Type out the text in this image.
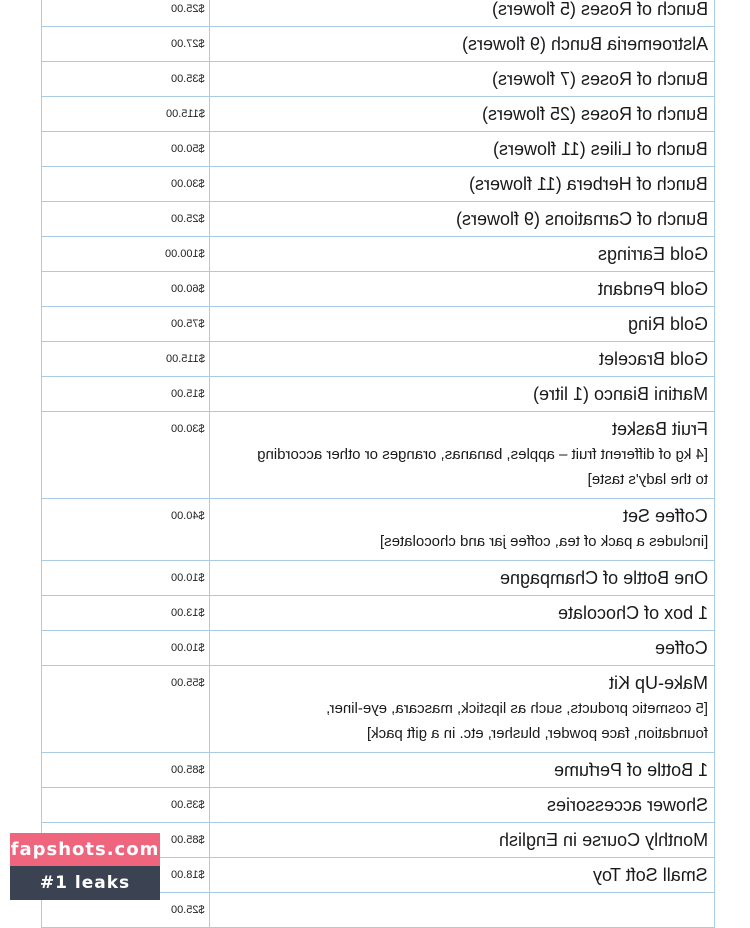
$25.00	Bunch of Roses (5 flowers)
$27.00	Alstroemeria Bunch (9 flowers)
$35.00	Bunch of Roses (7 flowers)
$115.00	Bunch of Roses (25 flowers)
$50.00	Bunch of Lilies (11 flowers)
$30.00	Bunch of Herbera (11 flowers)
$25.00	Bunch of Carnations (9 flowers)
$100.00	Gold Earrings
$60.00	Gold Pendant
$75.00	Gold Ring
$115.00	Gold Bracelet
$15.00	Martini Bianco (1 litre)
$30.00	Fruit Basket
[4 kg of different fruit – apples, bananas, oranges or other according to the lady's taste]
$40.00	Coffee Set
[includes a pack of tea, coffee jar and chocolates]
$10.00	One Bottle of Champagne
$13.00	1 box of Chocolate
$10.00	Coffee
$55.00	Make-Up Kit
[5 cosmetic products, such as lipstick, mascara, eye-liner, foundation, face powder, blusher, etc. in a gift pack]
$85.00	1 Bottle of Perfume
$35.00	Shower accessories
$85.00	Monthly Course in English
$18.00	Small Soft Toy
$25.00
fapshots.com
#1 leaks
